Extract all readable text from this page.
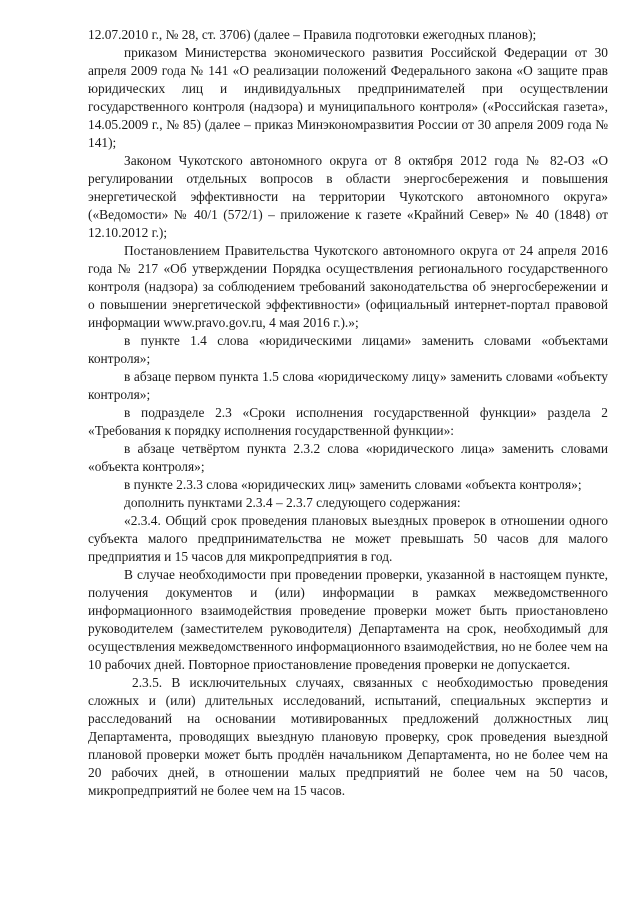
12.07.2010 г., № 28, ст. 3706) (далее – Правила подготовки ежегодных планов);

приказом Министерства экономического развития Российской Федерации от 30 апреля 2009 года № 141 «О реализации положений Федерального закона «О защите прав юридических лиц и индивидуальных предпринимателей при осуществлении государственного контроля (надзора) и муниципального контроля» («Российская газета», 14.05.2009 г., № 85) (далее – приказ Минэкономразвития России от 30 апреля 2009 года № 141);

Законом Чукотского автономного округа от 8 октября 2012 года № 82-ОЗ «О регулировании отдельных вопросов в области энергосбережения и повышения энергетической эффективности на территории Чукотского автономного округа» («Ведомости» № 40/1 (572/1) – приложение к газете «Крайний Север» № 40 (1848) от 12.10.2012 г.);

Постановлением Правительства Чукотского автономного округа от 24 апреля 2016 года № 217 «Об утверждении Порядка осуществления регионального государственного контроля (надзора) за соблюдением требований законодательства об энергосбережении и о повышении энергетической эффективности» (официальный интернет-портал правовой информации www.pravo.gov.ru, 4 мая 2016 г.).»;

в пункте 1.4 слова «юридическими лицами» заменить словами «объектами контроля»;

в абзаце первом пункта 1.5 слова «юридическому лицу» заменить словами «объекту контроля»;

в подразделе 2.3 «Сроки исполнения государственной функции» раздела 2 «Требования к порядку исполнения государственной функции»:

в абзаце четвёртом пункта 2.3.2 слова «юридического лица» заменить словами «объекта контроля»;

в пункте 2.3.3 слова «юридических лиц» заменить словами «объекта контроля»;

дополнить пунктами 2.3.4 – 2.3.7 следующего содержания:

«2.3.4. Общий срок проведения плановых выездных проверок в отношении одного субъекта малого предпринимательства не может превышать 50 часов для малого предприятия и 15 часов для микропредприятия в год.

В случае необходимости при проведении проверки, указанной в настоящем пункте, получения документов и (или) информации в рамках межведомственного информационного взаимодействия проведение проверки может быть приостановлено руководителем (заместителем руководителя) Департамента на срок, необходимый для осуществления межведомственного информационного взаимодействия, но не более чем на 10 рабочих дней. Повторное приостановление проведения проверки не допускается.

2.3.5. В исключительных случаях, связанных с необходимостью проведения сложных и (или) длительных исследований, испытаний, специальных экспертиз и расследований на основании мотивированных предложений должностных лиц Департамента, проводящих выездную плановую проверку, срок проведения выездной плановой проверки может быть продлён начальником Департамента, но не более чем на 20 рабочих дней, в отношении малых предприятий не более чем на 50 часов, микропредприятий не более чем на 15 часов.
